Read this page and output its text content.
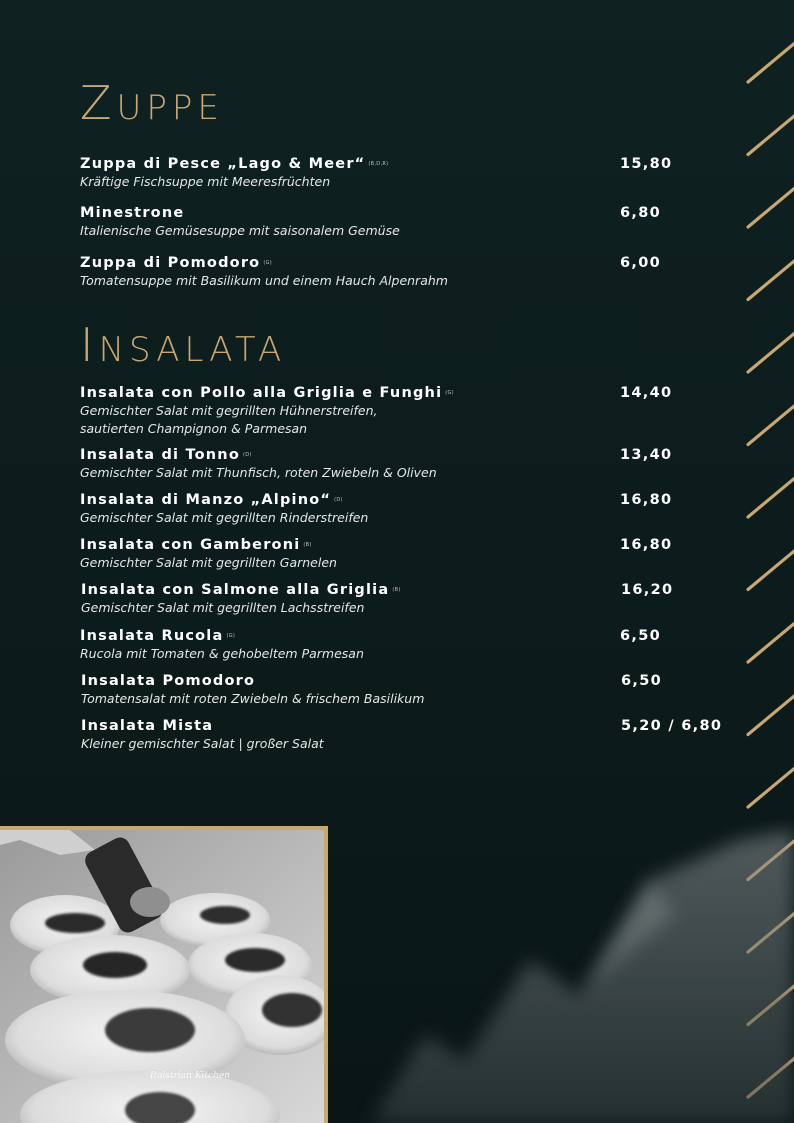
ZUPPE
Zuppa di Pesce „Lago & Meer“ (B,D,R)
Kräftige Fischsuppe mit Meeresfrüchten
15,80
Minestrone
Italienische Gemüsesuppe mit saisonalem Gemüse
6,80
Zuppa di Pomodoro (G)
Tomatensuppe mit Basilikum und einem Hauch Alpenrahm
6,00
INSALATA
Insalata con Pollo alla Griglia e Funghi (G)
Gemischter Salat mit gegrillten Hühnerstreifen,
sautierten Champignon & Parmesan
14,40
Insalata di Tonno (D)
Gemischter Salat mit Thunfisch, roten Zwiebeln & Oliven
13,40
Insalata di Manzo „Alpino“ (D)
Gemischter Salat mit gegrillten Rinderstreifen
16,80
Insalata con Gamberoni (B)
Gemischter Salat mit gegrillten Garnelen
16,80
Insalata con Salmone alla Griglia (B)
Gemischter Salat mit gegrillten Lachsstreifen
16,20
Insalata Rucola (G)
Rucola mit Tomaten & gehobeltem Parmesan
6,50
Insalata Pomodoro
Tomatensalat mit roten Zwiebeln & frischem Basilikum
6,50
Insalata Mista
Kleiner gemischter Salat | großer Salat
5,20 / 6,80
Italstrian Kitchen
